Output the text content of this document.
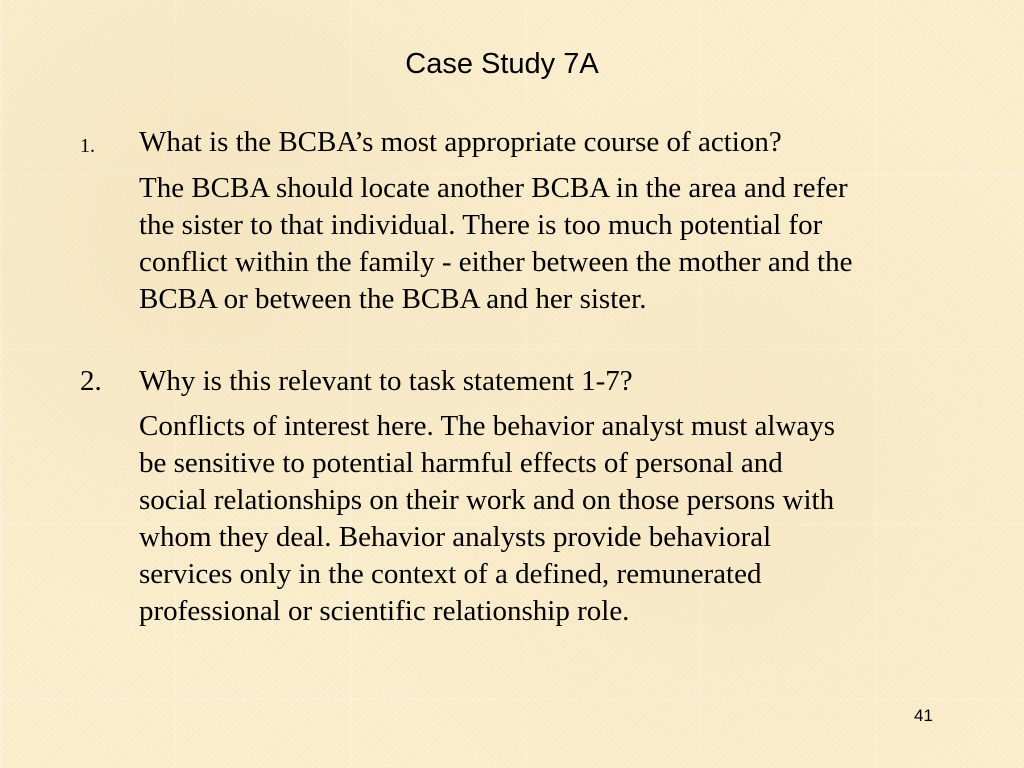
Case Study 7A
1. What is the BCBA’s most appropriate course of action?
The BCBA should locate another BCBA in the area and refer
the sister to that individual. There is too much potential for
conflict within the family - either between the mother and the
BCBA or between the BCBA and her sister.
2. Why is this relevant to task statement 1-7?
Conflicts of interest here. The behavior analyst must always
be sensitive to potential harmful effects of personal and
social relationships on their work and on those persons with
whom they deal. Behavior analysts provide behavioral
services only in the context of a defined, remunerated
professional or scientific relationship role.
41
